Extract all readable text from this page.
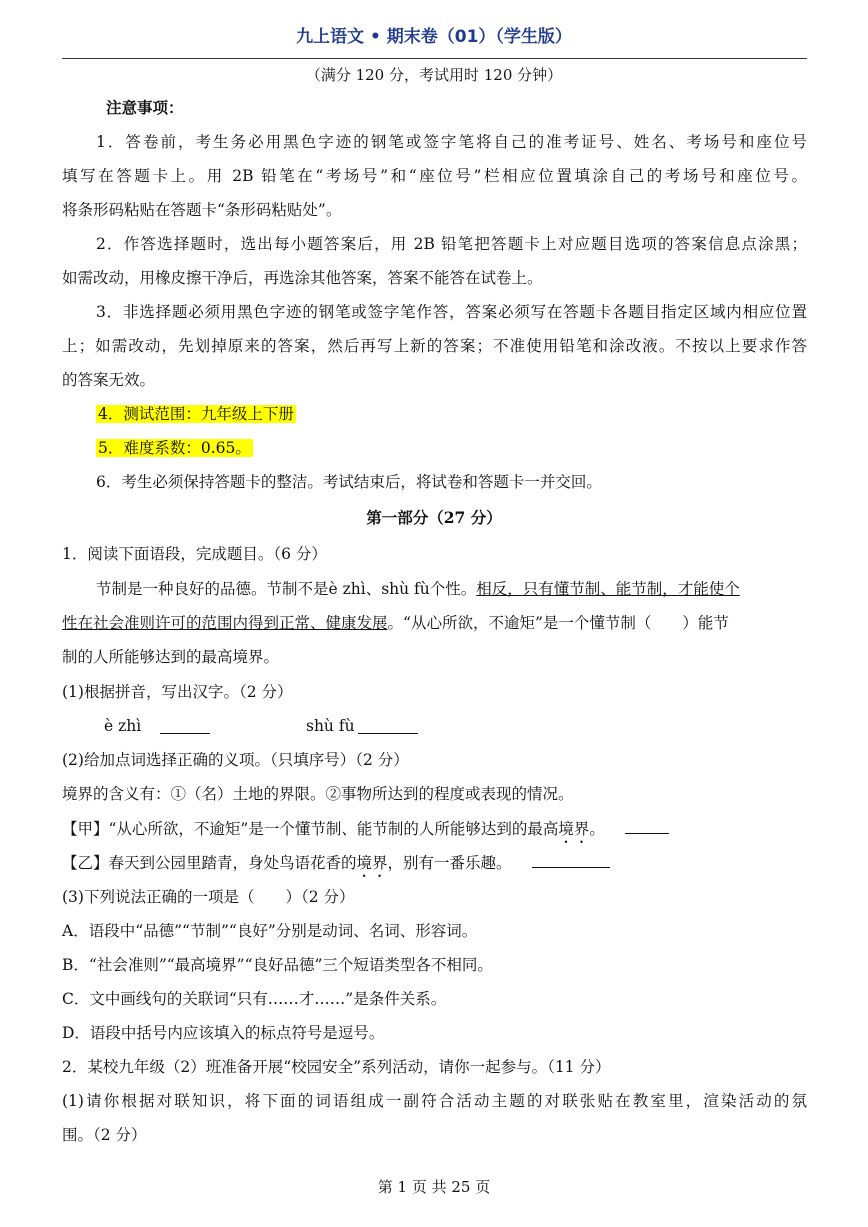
九上语文 • 期末卷（01）（学生版）
（满分 120 分，考试用时 120 分钟）
注意事项：
1．答卷前，考生务必用黑色字迹的钢笔或签字笔将自己的准考证号、姓名、考场号和座位号
填写在答题卡上。用 2B 铅笔在“考场号”和“座位号”栏相应位置填涂自己的考场号和座位号。
将条形码粘贴在答题卡“条形码粘贴处”。
2．作答选择题时，选出每小题答案后，用 2B 铅笔把答题卡上对应题目选项的答案信息点涂黑；
如需改动，用橡皮擦干净后，再选涂其他答案，答案不能答在试卷上。
3．非选择题必须用黑色字迹的钢笔或签字笔作答，答案必须写在答题卡各题目指定区域内相应位置
上；如需改动，先划掉原来的答案，然后再写上新的答案；不准使用铅笔和涂改液。不按以上要求作答
的答案无效。
4．测试范围：九年级上下册
5．难度系数：0.65。
6．考生必须保持答题卡的整洁。考试结束后，将试卷和答题卡一并交回。
第一部分（27 分）
1．阅读下面语段，完成题目。（6 分）
节制是一种良好的品德。节制不是è zhì、shù fù个性。相反，只有懂节制、能节制，才能使个
性在社会准则许可的范围内得到正常、健康发展。“从心所欲，不逾矩”是一个懂节制（　　）能节
制的人所能够达到的最高境界。
(1)根据拼音，写出汉字。（2 分）
è zhì	shù fù
(2)给加点词选择正确的义项。（只填序号）（2 分）
境界的含义有：①（名）土地的界限。②事物所达到的程度或表现的情况。
【甲】“从心所欲，不逾矩”是一个懂节制、能节制的人所能够达到的最高境界。
【乙】春天到公园里踏青，身处鸟语花香的境界，别有一番乐趣。
(3)下列说法正确的一项是（　　）（2 分）
A．语段中“品德”“节制”“良好”分别是动词、名词、形容词。
B．“社会准则”“最高境界”“良好品德”三个短语类型各不相同。
C．文中画线句的关联词“只有……才……”是条件关系。
D．语段中括号内应该填入的标点符号是逗号。
2．某校九年级（2）班准备开展“校园安全”系列活动，请你一起参与。（11 分）
(1)请你根据对联知识，将下面的词语组成一副符合活动主题的对联张贴在教室里，渲染活动的氛
围。（2 分）
第 1 页 共 25 页
